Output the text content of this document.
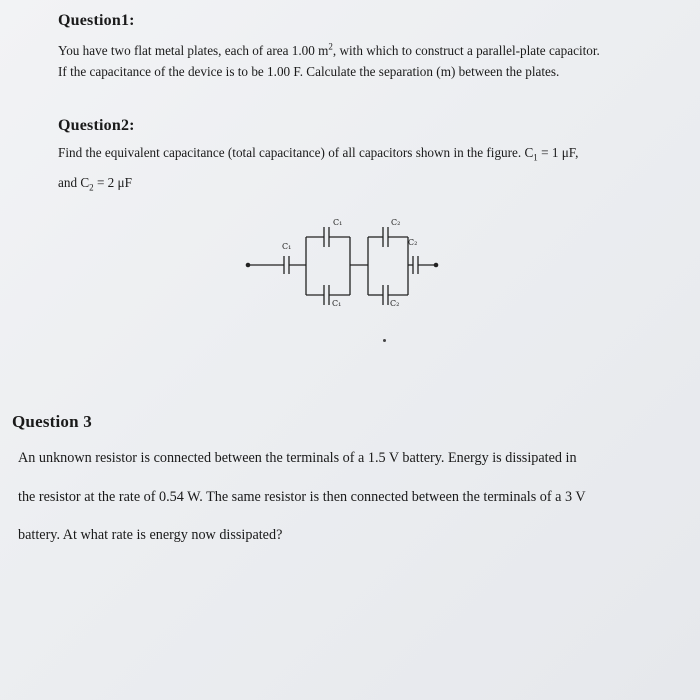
Question1:
You have two flat metal plates, each of area 1.00 $m^2$, with which to construct a parallel-plate capacitor.
If the capacitance of the device is to be 1.00 F. Calculate the separation (m) between the plates.
Question2:
Find the equivalent capacitance (total capacitance) of all capacitors shown in the figure. $C_1 = 1$ μF,
and $C_2 = 2$ μF
C₁
C₁	C₂
C₁	C₂
C₂
Question 3
An unknown resistor is connected between the terminals of a 1.5 V battery. Energy is dissipated in
the resistor at the rate of 0.54 W. The same resistor is then connected between the terminals of a 3 V
battery. At what rate is energy now dissipated?
